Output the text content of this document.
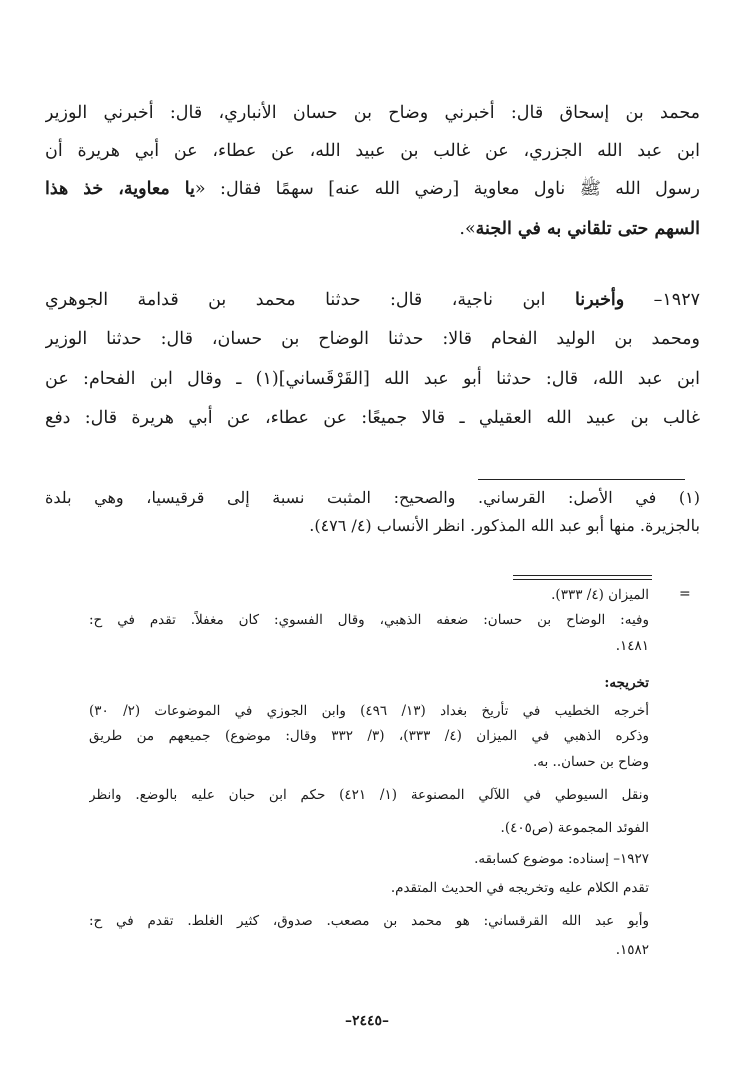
محمد بن إسحاق قال: أخبرني وضاح بن حسان الأنباري، قال: أخبرني الوزير
ابن عبد الله الجزري، عن غالب بن عبيد الله، عن عطاء، عن أبي هريرة أن
رسول الله ﷺ ناول معاوية [رضي الله عنه] سهمًا فقال: «يا معاوية، خذ هذا
السهم حتى تلقاني به في الجنة».
١٩٢٧– وأخبرنا ابن ناجية، قال: حدثنا محمد بن قدامة الجوهري
ومحمد بن الوليد الفحام قالا: حدثنا الوضاح بن حسان، قال: حدثنا الوزير
ابن عبد الله، قال: حدثنا أبو عبد الله [القَرْقَساني](١) ـ وقال ابن الفحام: عن
غالب بن عبيد الله العقيلي ـ قالا جميعًا: عن عطاء، عن أبي هريرة قال: دفع
(١) في الأصل: القرساني. والصحيح: المثبت نسبة إلى قرقيسيا، وهي بلدة
بالجزيرة. منها أبو عبد الله المذكور. انظر الأنساب (٤/ ٤٧٦).
=
الميزان (٤/ ٣٣٣).
وفيه: الوضاح بن حسان: ضعفه الذهبي، وقال الفسوي: كان مغفلاً. تقدم في ح:
١٤٨١.
تخريجه:
أخرجه الخطيب في تأريخ بغداد (١٣/ ٤٩٦) وابن الجوزي في الموضوعات (٢/ ٣٠)
وذكره الذهبي في الميزان (٤/ ٣٣٣)، (٣/ ٣٣٢ وقال: موضوع) جميعهم من طريق
وضاح بن حسان.. به.
ونقل السيوطي في اللآلي المصنوعة (١/ ٤٢١) حكم ابن حبان عليه بالوضع. وانظر
الفوئد المجموعة (ص٤٠٥).
١٩٢٧– إسناده: موضوع كسابقه.
تقدم الكلام عليه وتخريجه في الحديث المتقدم.
وأبو عبد الله القرقساني: هو محمد بن مصعب. صدوق، كثير الغلط. تقدم في ح:
١٥٨٢.
–٢٤٤٥–
